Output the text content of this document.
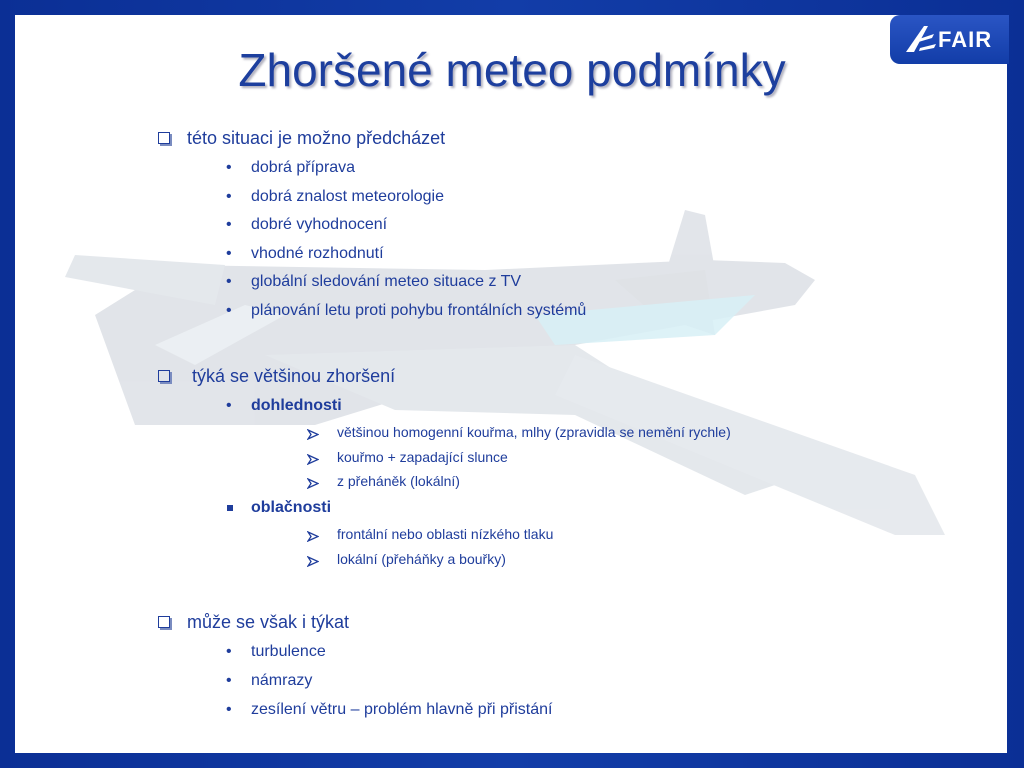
FAIR
Zhoršené meteo podmínky
této situaci je možno předcházet
•	dobrá příprava
•	dobrá znalost meteorologie
•	dobré vyhodnocení
•	vhodné rozhodnutí
•	globální sledování meteo situace z TV
•	plánování letu proti pohybu frontálních systémů
týká se většinou zhoršení
•	dohlednosti
většinou homogenní kouřma, mlhy (zpravidla se nemění rychle)
kouřmo + zapadající slunce
z přeháněk (lokální)
oblačnosti
frontální nebo oblasti nízkého tlaku
lokální (přeháňky a bouřky)
může se však i týkat
•	turbulence
•	námrazy
•	zesílení větru – problém hlavně při přistání
